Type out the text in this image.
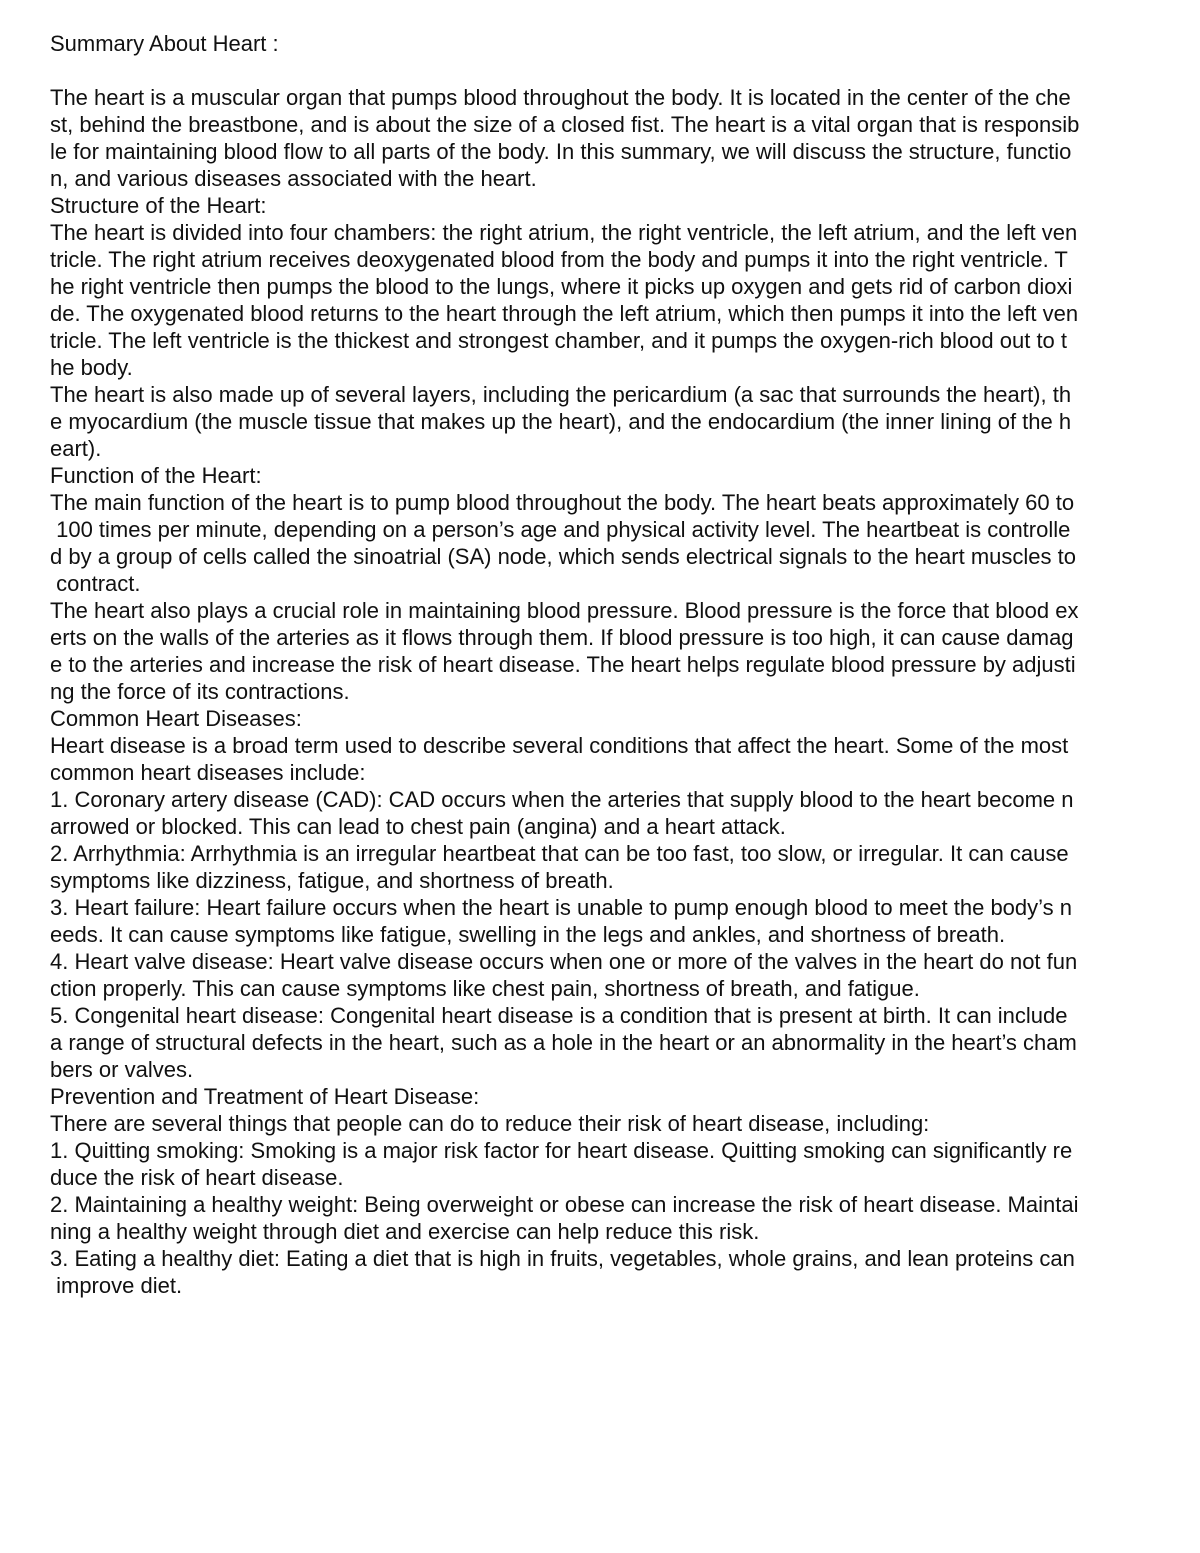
Summary About Heart :
The heart is a muscular organ that pumps blood throughout the body. It is located in the center of the che
st, behind the breastbone, and is about the size of a closed fist. The heart is a vital organ that is responsib
le for maintaining blood flow to all parts of the body. In this summary, we will discuss the structure, functio
n, and various diseases associated with the heart.
Structure of the Heart:
The heart is divided into four chambers: the right atrium, the right ventricle, the left atrium, and the left ven
tricle. The right atrium receives deoxygenated blood from the body and pumps it into the right ventricle. T
he right ventricle then pumps the blood to the lungs, where it picks up oxygen and gets rid of carbon dioxi
de. The oxygenated blood returns to the heart through the left atrium, which then pumps it into the left ven
tricle. The left ventricle is the thickest and strongest chamber, and it pumps the oxygen-rich blood out to t
he body.
The heart is also made up of several layers, including the pericardium (a sac that surrounds the heart), th
e myocardium (the muscle tissue that makes up the heart), and the endocardium (the inner lining of the h
eart).
Function of the Heart:
The main function of the heart is to pump blood throughout the body. The heart beats approximately 60 to
100 times per minute, depending on a person’s age and physical activity level. The heartbeat is controlle
d by a group of cells called the sinoatrial (SA) node, which sends electrical signals to the heart muscles to
contract.
The heart also plays a crucial role in maintaining blood pressure. Blood pressure is the force that blood ex
erts on the walls of the arteries as it flows through them. If blood pressure is too high, it can cause damag
e to the arteries and increase the risk of heart disease. The heart helps regulate blood pressure by adjusti
ng the force of its contractions.
Common Heart Diseases:
Heart disease is a broad term used to describe several conditions that affect the heart. Some of the most
common heart diseases include:
1. Coronary artery disease (CAD): CAD occurs when the arteries that supply blood to the heart become n
arrowed or blocked. This can lead to chest pain (angina) and a heart attack.
2. Arrhythmia: Arrhythmia is an irregular heartbeat that can be too fast, too slow, or irregular. It can cause
symptoms like dizziness, fatigue, and shortness of breath.
3. Heart failure: Heart failure occurs when the heart is unable to pump enough blood to meet the body’s n
eeds. It can cause symptoms like fatigue, swelling in the legs and ankles, and shortness of breath.
4. Heart valve disease: Heart valve disease occurs when one or more of the valves in the heart do not fun
ction properly. This can cause symptoms like chest pain, shortness of breath, and fatigue.
5. Congenital heart disease: Congenital heart disease is a condition that is present at birth. It can include
a range of structural defects in the heart, such as a hole in the heart or an abnormality in the heart’s cham
bers or valves.
Prevention and Treatment of Heart Disease:
There are several things that people can do to reduce their risk of heart disease, including:
1. Quitting smoking: Smoking is a major risk factor for heart disease. Quitting smoking can significantly re
duce the risk of heart disease.
2. Maintaining a healthy weight: Being overweight or obese can increase the risk of heart disease. Maintai
ning a healthy weight through diet and exercise can help reduce this risk.
3. Eating a healthy diet: Eating a diet that is high in fruits, vegetables, whole grains, and lean proteins can
improve diet.
